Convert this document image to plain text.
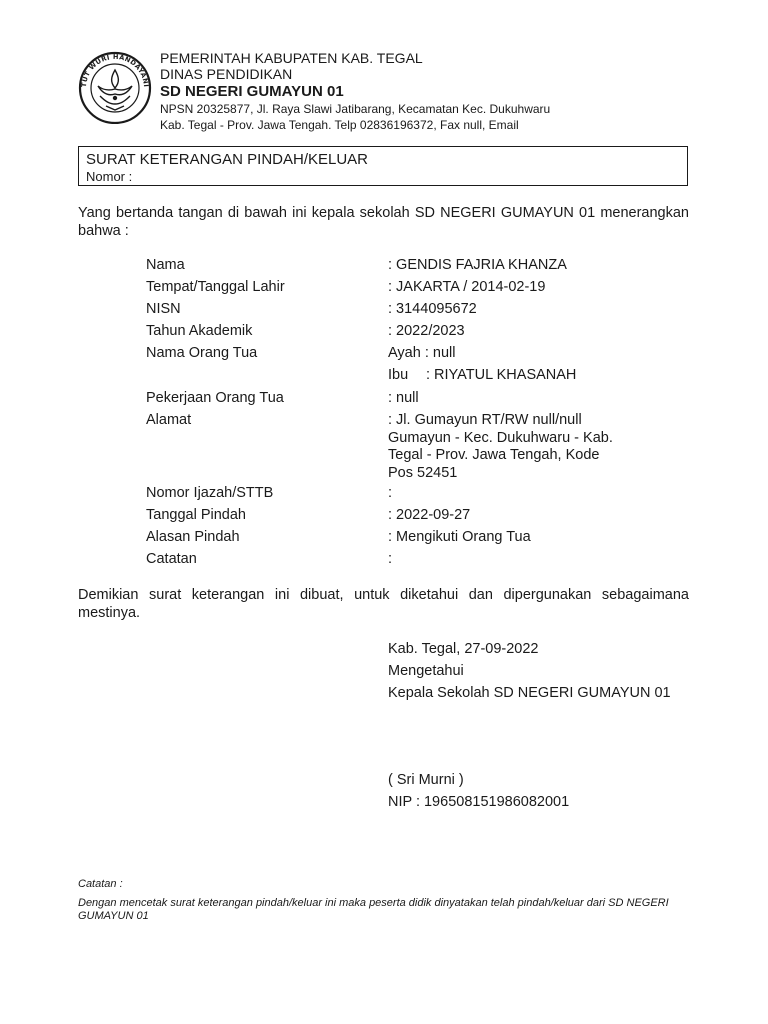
TUT WURI HANDAYANI
PEMERINTAH KABUPATEN KAB. TEGAL
DINAS PENDIDIKAN
SD NEGERI GUMAYUN 01
NPSN 20325877, Jl. Raya Slawi Jatibarang, Kecamatan Kec. Dukuhwaru
Kab. Tegal - Prov. Jawa Tengah. Telp 02836196372, Fax null, Email
SURAT KETERANGAN PINDAH/KELUAR
Nomor :
Yang bertanda tangan di bawah ini kepala sekolah SD NEGERI GUMAYUN 01 menerangkan bahwa :
Nama	: GENDIS FAJRIA KHANZA
Tempat/Tanggal Lahir	: JAKARTA / 2014-02-19
NISN	: 3144095672
Tahun Akademik	: 2022/2023
Nama Orang Tua	Ayah : null
Ibu : RIYATUL KHASANAH
Pekerjaan Orang Tua	: null
Alamat	: Jl. Gumayun RT/RW null/null Gumayun - Kec. Dukuhwaru - Kab. Tegal - Prov. Jawa Tengah, Kode Pos 52451
Nomor Ijazah/STTB	:
Tanggal Pindah	: 2022-09-27
Alasan Pindah	: Mengikuti Orang Tua
Catatan	:
Demikian surat keterangan ini dibuat, untuk diketahui dan dipergunakan sebagaimana mestinya.
Kab. Tegal, 27-09-2022
Mengetahui
Kepala Sekolah SD NEGERI GUMAYUN 01
( Sri Murni )
NIP : 196508151986082001
Catatan :
Dengan mencetak surat keterangan pindah/keluar ini maka peserta didik dinyatakan telah pindah/keluar dari SD NEGERI GUMAYUN 01
